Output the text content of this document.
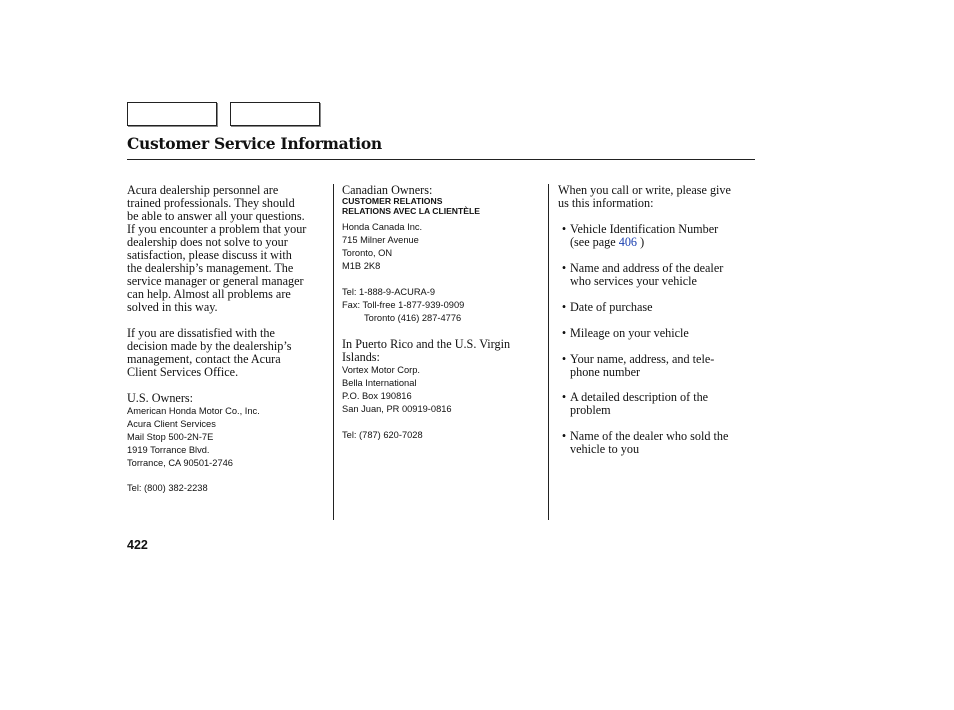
Customer Service Information

Acura dealership personnel are

trained professionals. They should

be able to answer all your questions.

If you encounter a problem that your

dealership does not solve to your

satisfaction, please discuss it with

the dealership’s management. The

service manager or general manager

can help. Almost all problems are

solved in this way.

If you are dissatisfied with the

decision made by the dealership’s

management, contact the Acura

Client Services Office.

U.S. Owners:

American Honda Motor Co., Inc.

Acura Client Services

Mail Stop 500-2N-7E

1919 Torrance Blvd.

Torrance, CA 90501-2746

Tel: (800) 382-2238

Canadian Owners:

CUSTOMER RELATIONS

RELATIONS AVEC LA CLIENTÈLE

Honda Canada Inc.

715 Milner Avenue

Toronto, ON

M1B 2K8

Tel: 1-888-9-ACURA-9

Fax: Toll-free 1-877-939-0909

Toronto (416) 287-4776

In Puerto Rico and the U.S. Virgin

Islands:

Vortex Motor Corp.

Bella International

P.O. Box 190816

San Juan, PR 00919-0816

Tel: (787) 620-7028

When you call or write, please give

us this information:

• Vehicle Identification Number
(see page 406 )
• Name and address of the dealer
who services your vehicle
• Date of purchase
• Mileage on your vehicle
• Your name, address, and tele-
phone number
• A detailed description of the
problem
• Name of the dealer who sold the
vehicle to you
422
